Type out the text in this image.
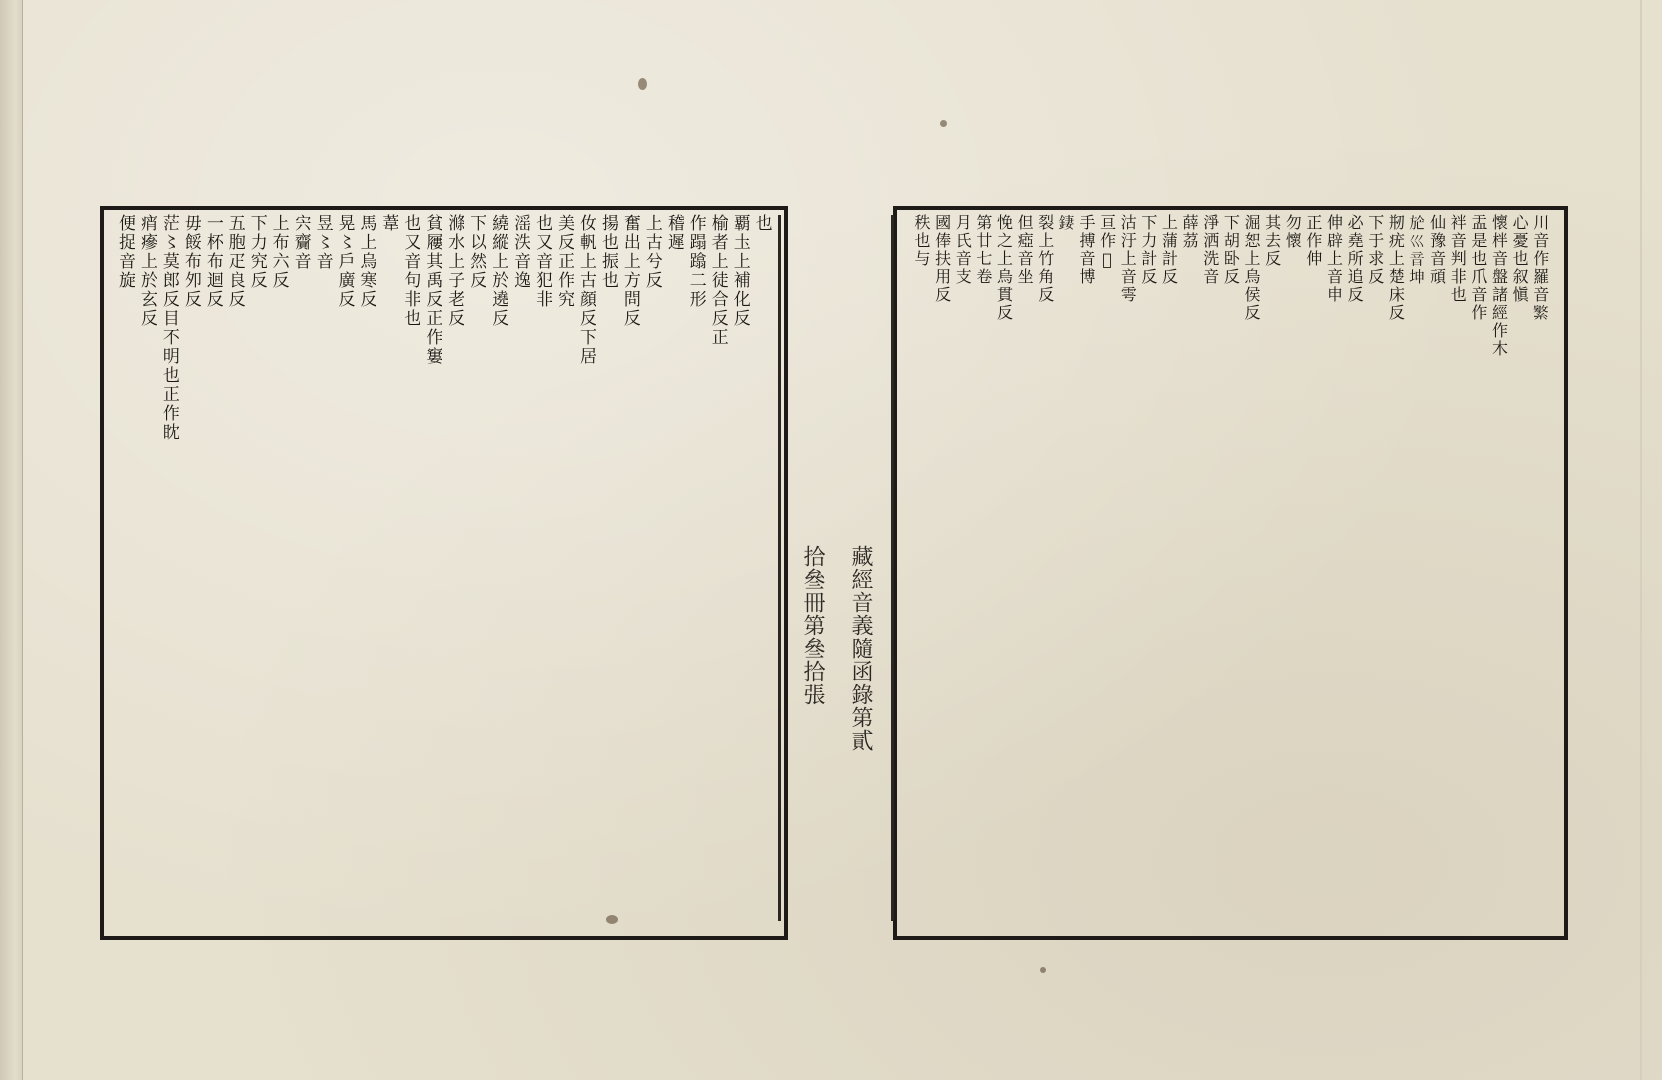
川音作羅音𦅾
心憂也叙愼
懷柈音盤諸經作木
盂是也爪音作
袢音判非也
仙豫音頑
𣃢巛音坤
剏疣上楚床反
下于求反
必堯所追反
伸辟上音申
正作伸
勿懷
其去反
淈恕上烏侯反
下胡卧反
淨洒洗音
薛茘
上蒲計反
下力計反
沽汙上音雩
亘作𣵡
手搏音博
𨧬
裂上竹角反
但瘂音坐
悗之上烏貫反
第廿七卷
月氏音支
國俸扶用反
秩也与
藏經音義隨函錄第貳
拾叄冊第叄拾張
也
覇圡上補化反
榆者上徒合反正
作蹋蹹二形
稽遲
上古兮反
奮出上方問反
揚也振也
㚢軓上古顔反下居
美反正作究
也又音犯非
滛泆音逸
繞縱上於遶反
下以然反
滌水上子老反
貧屨其禹反正作窶
也又音句非也
葦
馬上烏寒反
晃〻戶廣反
昱〻音
宍齎音
上布六反
下力究反
五胞疋良反
一杯布迴反
毋餒布夘反
茫〻莫郎反目不明也正作眈
痟瘮上於玄反
便捉音旋
